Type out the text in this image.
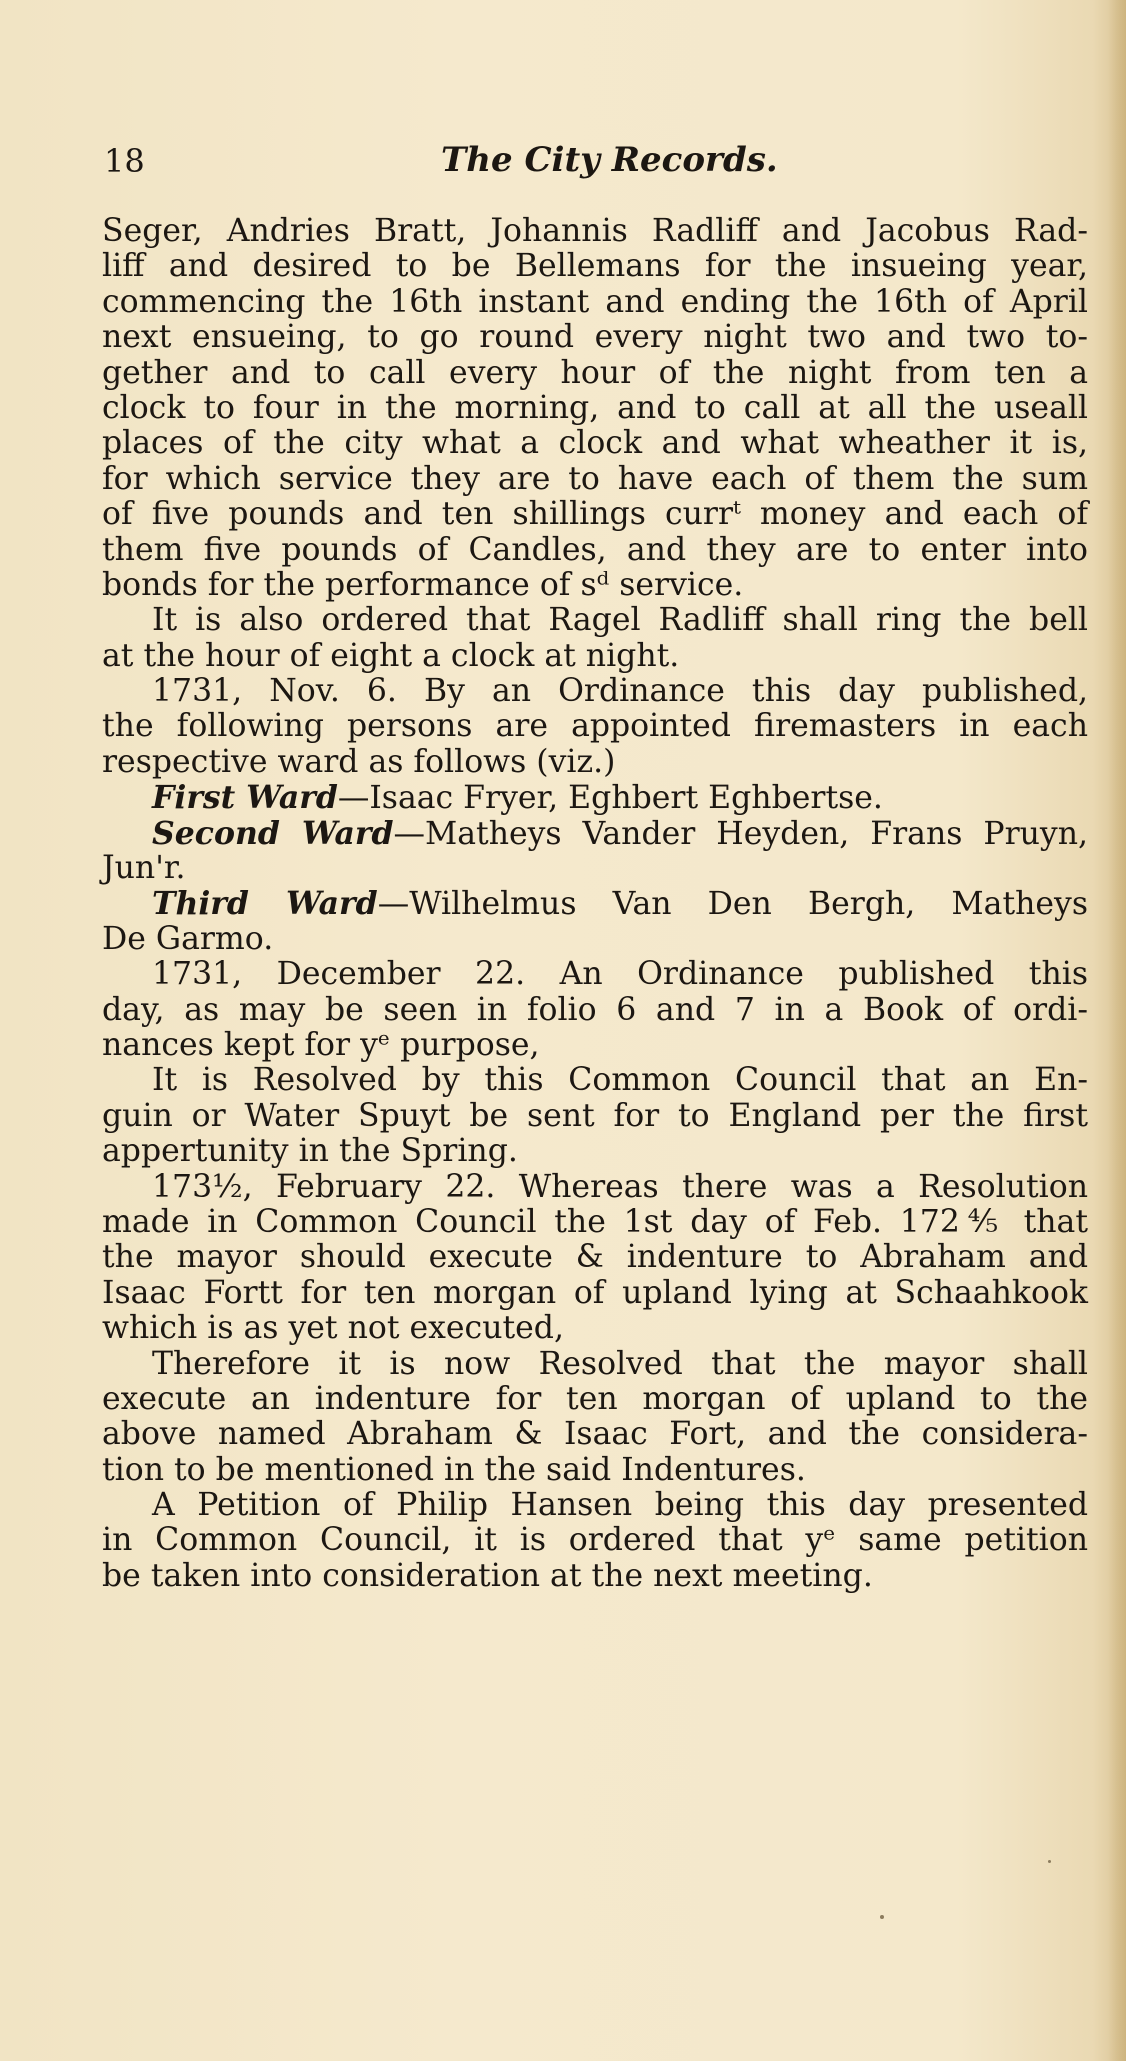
18	The City Records.
Seger, Andries Bratt, Johannis Radliff and Jacobus Rad-
liff and desired to be Bellemans for the insueing year,
commencing the 16th instant and ending the 16th of April
next ensueing, to go round every night two and two to-
gether and to call every hour of the night from ten a
clock to four in the morning, and to call at all the useall
places of the city what a clock and what wheather it is,
for which service they are to have each of them the sum
of five pounds and ten shillings currᵗ money and each of
them five pounds of Candles, and they are to enter into
bonds for the performance of sᵈ service.
It is also ordered that Ragel Radliff shall ring the bell
at the hour of eight a clock at night.
1731, Nov. 6. By an Ordinance this day published,
the following persons are appointed firemasters in each
respective ward as follows (viz.)
First Ward—Isaac Fryer, Eghbert Eghbertse.
Second Ward—Matheys Vander Heyden, Frans Pruyn,
Jun'r.
Third Ward—Wilhelmus Van Den Bergh, Matheys
De Garmo.
1731, December 22. An Ordinance published this
day, as may be seen in folio 6 and 7 in a Book of ordi-
nances kept for yᵉ purpose,
It is Resolved by this Common Council that an En-
guin or Water Spuyt be sent for to England per the first
appertunity in the Spring.
173½, February 22. Whereas there was a Resolution
made in Common Council the 1st day of Feb. 172⅘ that
the mayor should execute & indenture to Abraham and
Isaac Fortt for ten morgan of upland lying at Schaahkook
which is as yet not executed,
Therefore it is now Resolved that the mayor shall
execute an indenture for ten morgan of upland to the
above named Abraham & Isaac Fort, and the considera-
tion to be mentioned in the said Indentures.
A Petition of Philip Hansen being this day presented
in Common Council, it is ordered that yᵉ same petition
be taken into consideration at the next meeting.
